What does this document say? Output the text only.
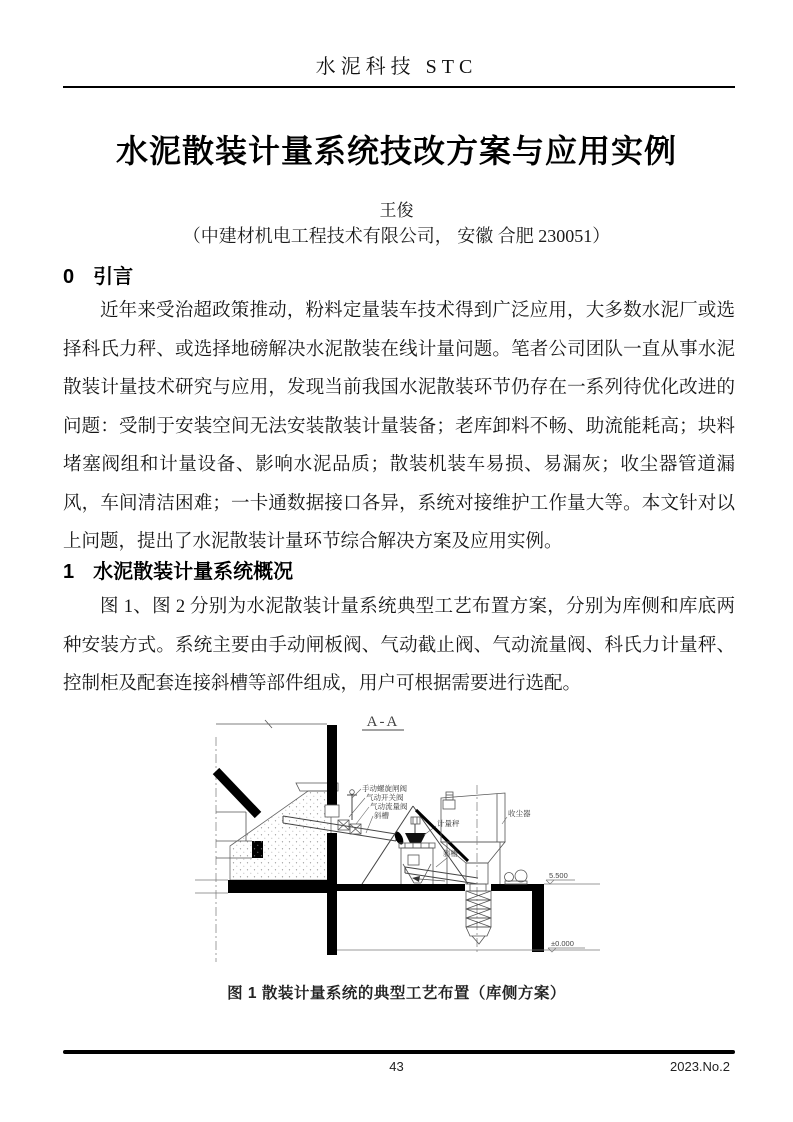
水泥科技 STC
水泥散装计量系统技改方案与应用实例
王俊
（中建材机电工程技术有限公司， 安徽 合肥 230051）
0 引言
近年来受治超政策推动，粉料定量装车技术得到广泛应用，大多数水泥厂或选择科氏力秤、或选择地磅解决水泥散装在线计量问题。笔者公司团队一直从事水泥散装计量技术研究与应用，发现当前我国水泥散装环节仍存在一系列待优化改进的问题：受制于安装空间无法安装散装计量装备；老库卸料不畅、助流能耗高；块料堵塞阀组和计量设备、影响水泥品质；散装机装车易损、易漏灰；收尘器管道漏风，车间清洁困难；一卡通数据接口各异，系统对接维护工作量大等。本文针对以上问题，提出了水泥散装计量环节综合解决方案及应用实例。
1 水泥散装计量系统概况
图 1、图 2 分别为水泥散装计量系统典型工艺布置方案，分别为库侧和库底两种安装方式。系统主要由手动闸板阀、气动截止阀、气动流量阀、科氏力计量秤、控制柜及配套连接斜槽等部件组成，用户可根据需要进行选配。
A-A
手动螺旋闸阀
气动开关阀
气动流量阀
斜槽
计量秤
斜槽
收尘器
5.500
±0.000
图 1 散装计量系统的典型工艺布置（库侧方案）
43	2023.No.2
